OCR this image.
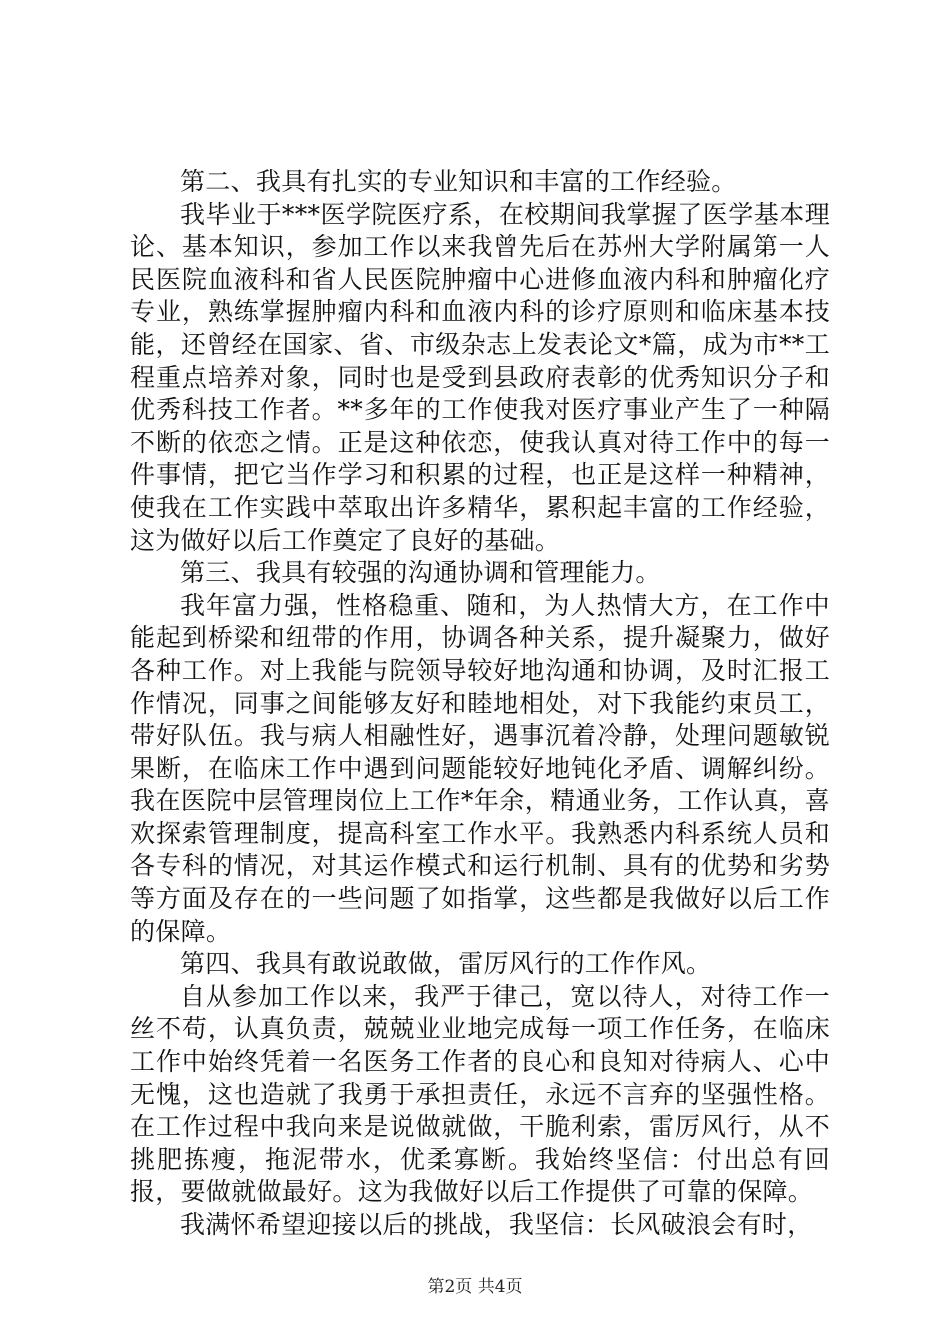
第二、我具有扎实的专业知识和丰富的工作经验。

我毕业于***医学院医疗系，在校期间我掌握了医学基本理论、基本知识，参加工作以来我曾先后在苏州大学附属第一人民医院血液科和省人民医院肿瘤中心进修血液内科和肿瘤化疗专业，熟练掌握肿瘤内科和血液内科的诊疗原则和临床基本技能，还曾经在国家、省、市级杂志上发表论文*篇，成为市**工程重点培养对象，同时也是受到县政府表彰的优秀知识分子和优秀科技工作者。**多年的工作使我对医疗事业产生了一种隔不断的依恋之情。正是这种依恋，使我认真对待工作中的每一件事情，把它当作学习和积累的过程，也正是这样一种精神，使我在工作实践中萃取出许多精华，累积起丰富的工作经验，这为做好以后工作奠定了良好的基础。

第三、我具有较强的沟通协调和管理能力。

我年富力强，性格稳重、随和，为人热情大方，在工作中能起到桥梁和纽带的作用，协调各种关系，提升凝聚力，做好各种工作。对上我能与院领导较好地沟通和协调，及时汇报工作情况，同事之间能够友好和睦地相处，对下我能约束员工，带好队伍。我与病人相融性好，遇事沉着冷静，处理问题敏锐果断，在临床工作中遇到问题能较好地钝化矛盾、调解纠纷。我在医院中层管理岗位上工作*年余，精通业务，工作认真，喜欢探索管理制度，提高科室工作水平。我熟悉内科系统人员和各专科的情况，对其运作模式和运行机制、具有的优势和劣势等方面及存在的一些问题了如指掌，这些都是我做好以后工作的保障。

第四、我具有敢说敢做，雷厉风行的工作作风。

自从参加工作以来，我严于律己，宽以待人，对待工作一丝不苟，认真负责，兢兢业业地完成每一项工作任务，在临床工作中始终凭着一名医务工作者的良心和良知对待病人、心中无愧，这也造就了我勇于承担责任，永远不言弃的坚强性格。在工作过程中我向来是说做就做，干脆利索，雷厉风行，从不挑肥拣瘦，拖泥带水，优柔寡断。我始终坚信：付出总有回报，要做就做最好。这为我做好以后工作提供了可靠的保障。

我满怀希望迎接以后的挑战，我坚信：长风破浪会有时，

第2页 共4页
